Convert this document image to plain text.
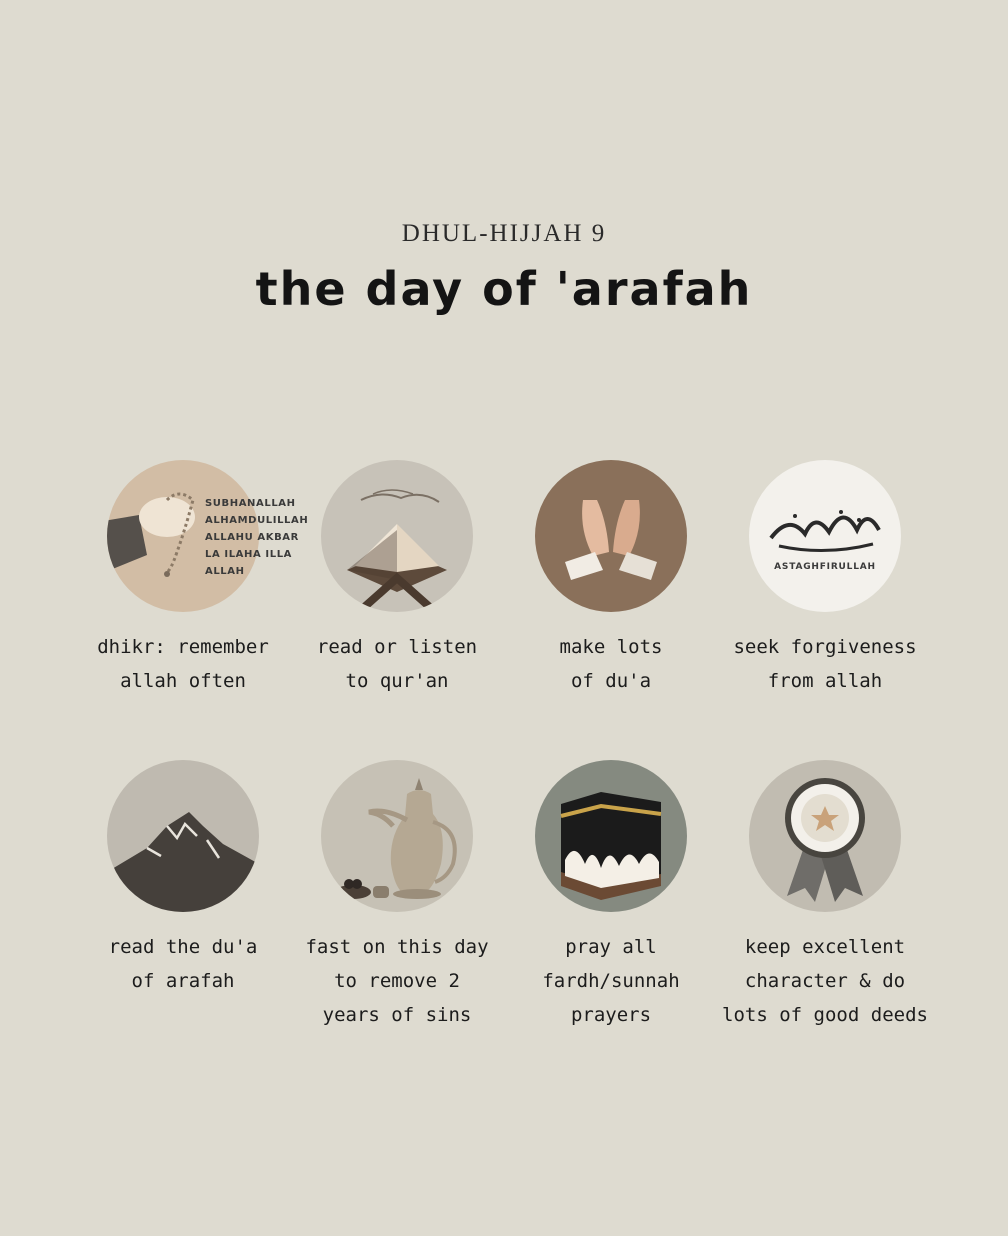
DHUL-HIJJAH 9
the day of 'arafah
dhikr: remember
allah often
read or listen
to qur'an
make lots
of du'a
ASTAGHFIRULLAH
seek forgiveness
from allah
read the du'a
of arafah
fast on this day
to remove 2
years of sins
pray all
fardh/sunnah
prayers
keep excellent
character & do
lots of good deeds
SUBHANALLAH
ALHAMDULILLAH
ALLAHU AKBAR
LA ILAHA ILLA
ALLAH
